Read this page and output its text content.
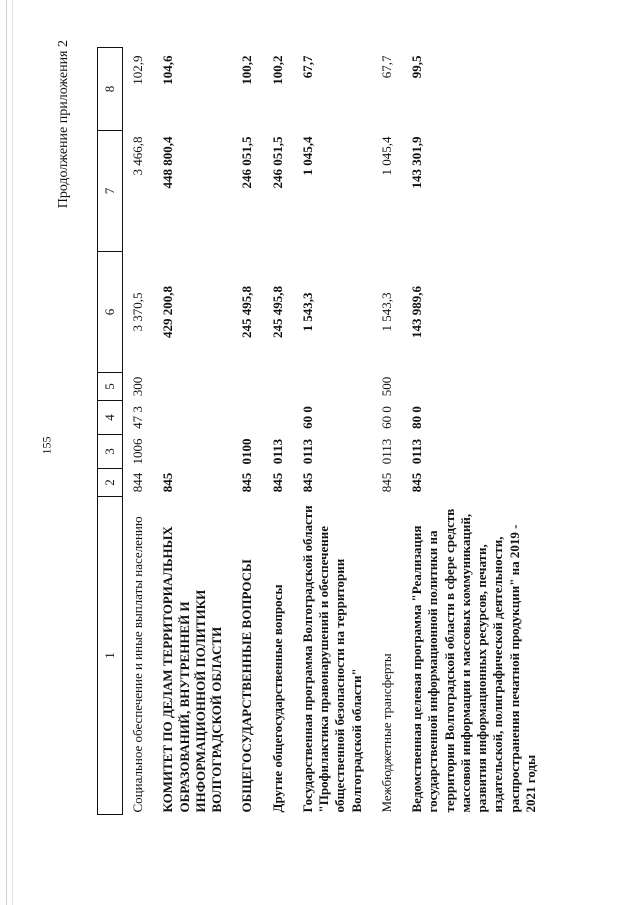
155
Продолжение приложения 2
1	2	3	4	5	6	7	8
Социальное обеспечение и иные выплаты населению	844	1006	47 3	300	3 370,5	3 466,8	102,9
КОМИТЕТ ПО ДЕЛАМ ТЕРРИТОРИАЛЬНЫХ ОБРАЗОВАНИЙ, ВНУТРЕННЕЙ И ИНФОРМАЦИОННОЙ ПОЛИТИКИ ВОЛГОГРАДСКОЙ ОБЛАСТИ	845				429 200,8	448 800,4	104,6
ОБЩЕГОСУДАРСТВЕННЫЕ ВОПРОСЫ	845	0100			245 495,8	246 051,5	100,2
Другие общегосударственные вопросы	845	0113			245 495,8	246 051,5	100,2
Государственная программа Волгоградской области "Профилактика правонарушений и обеспечение общественной безопасности на территории Волгоградской области"	845	0113	60 0		1 543,3	1 045,4	67,7
Межбюджетные трансферты	845	0113	60 0	500	1 543,3	1 045,4	67,7
Ведомственная целевая программа "Реализация государственной информационной политики на территории Волгоградской области в сфере средств массовой информации и массовых коммуникаций, развития информационных ресурсов, печати, издательской, полиграфической деятельности, распространения печатной продукции" на 2019 - 2021 годы	845	0113	80 0		143 989,6	143 301,9	99,5
